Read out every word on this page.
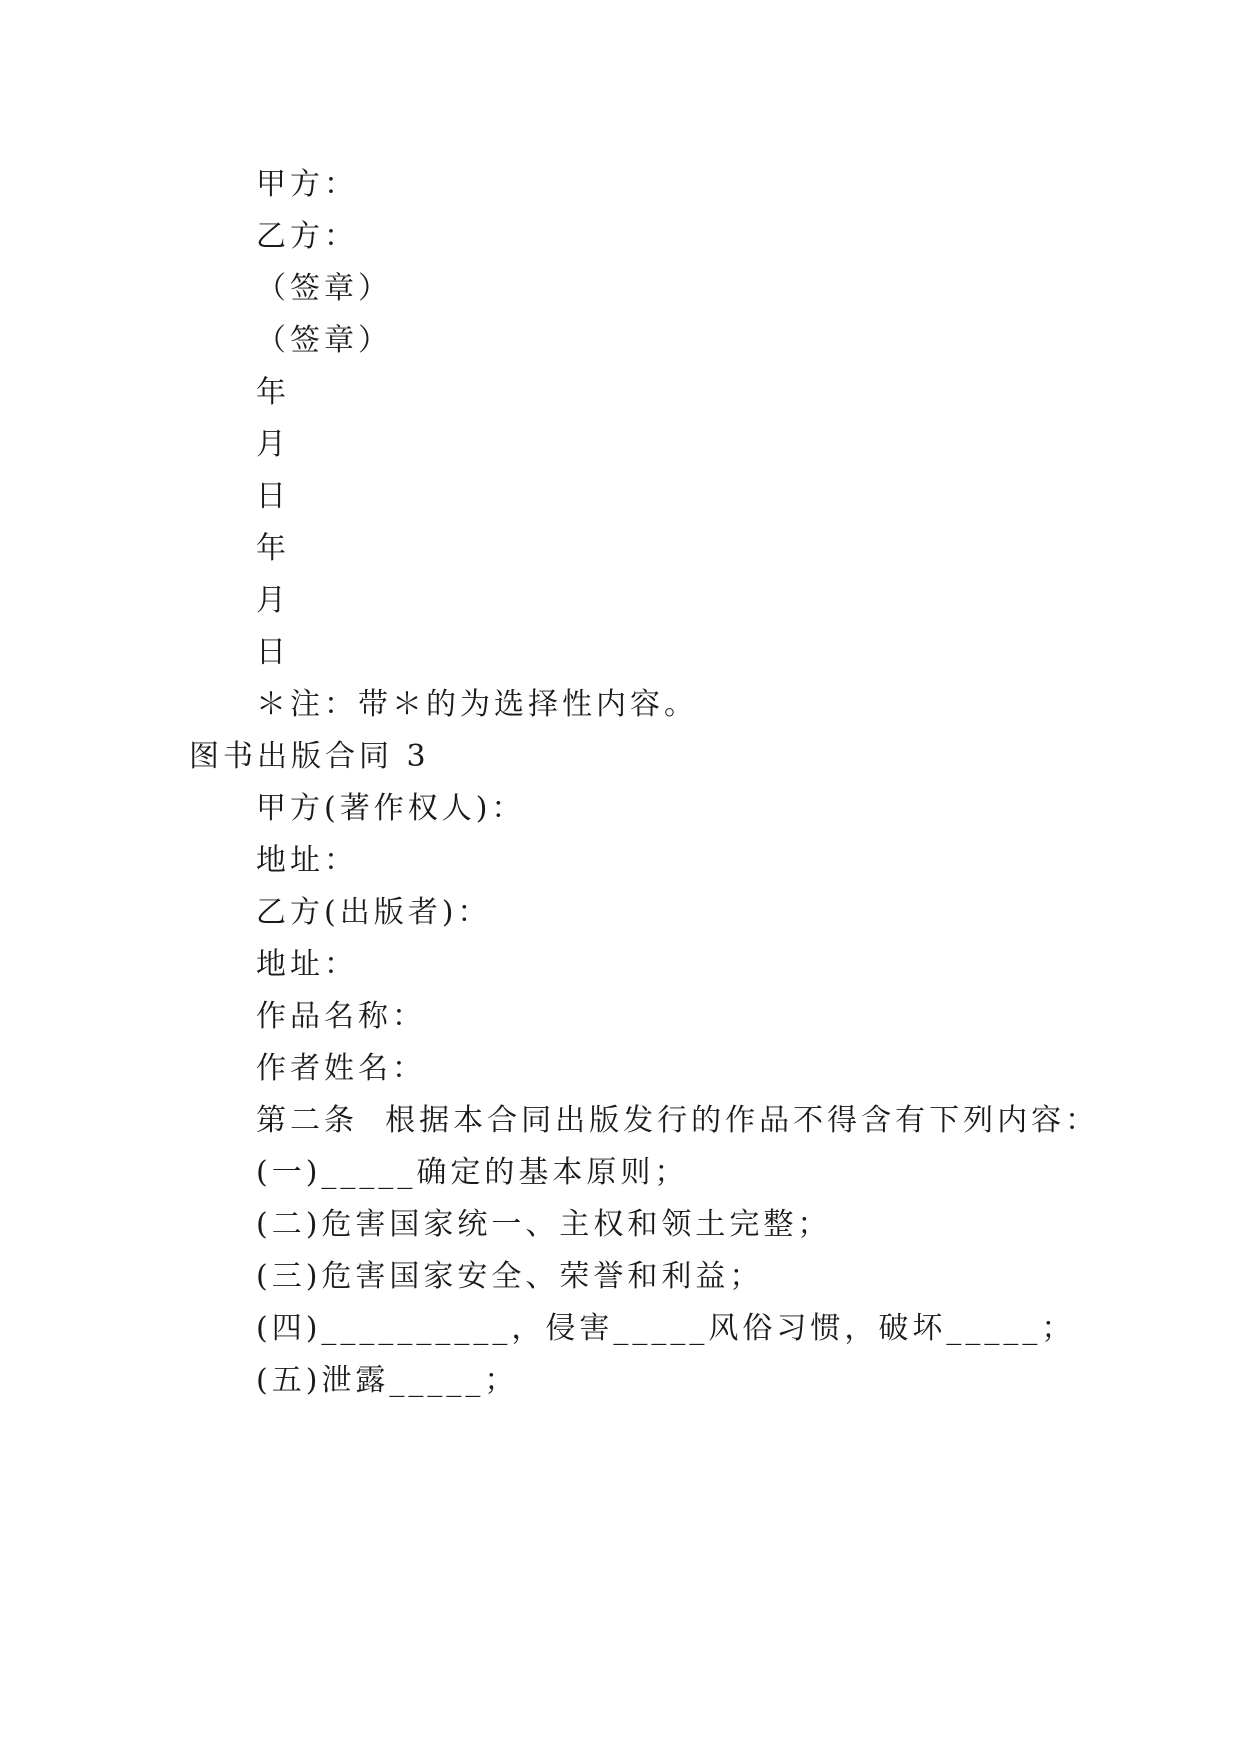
甲方：
乙方：
（签章）
（签章）
年
月
日
年
月
日
＊注：带＊的为选择性内容。
图书出版合同 3
甲方(著作权人)：
地址：
乙方(出版者)：
地址：
作品名称：
作者姓名：
第二条  根据本合同出版发行的作品不得含有下列内容：
(一)_____确定的基本原则；
(二)危害国家统一、主权和领土完整；
(三)危害国家安全、荣誉和利益；
(四)__________，侵害_____风俗习惯，破坏_____；
(五)泄露_____；
